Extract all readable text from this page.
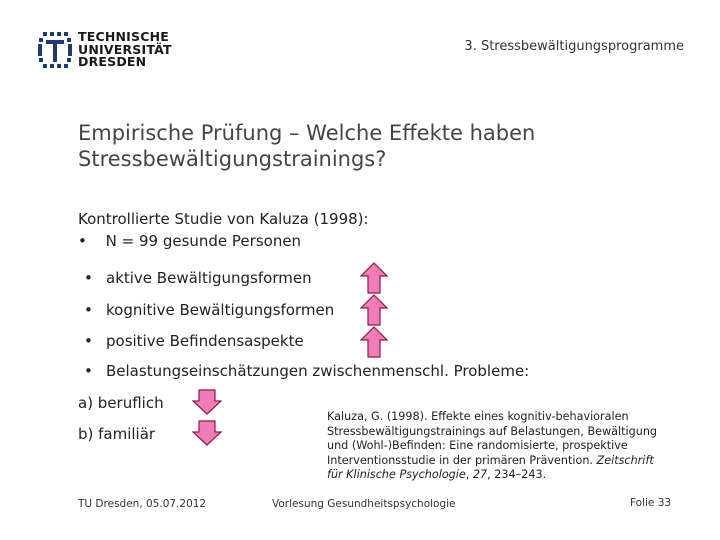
TECHNISCHE
UNIVERSITÄT
DRESDEN
3. Stressbewältigungsprogramme
Empirische Prüfung – Welche Effekte haben
Stressbewältigungstrainings?
Kontrollierte Studie von Kaluza (1998):
• N = 99 gesunde Personen
• aktive Bewältigungsformen
• kognitive Bewältigungsformen
• positive Befindensaspekte
• Belastungseinschätzungen zwischenmenschl. Probleme:
a) beruflich
b) familiär
Kaluza, G. (1998). Effekte eines kognitiv-behavioralen
Stressbewältigungstrainings auf Belastungen, Bewältigung
und (Wohl-)Befinden: Eine randomisierte, prospektive
Interventionsstudie in der primären Prävention. Zeitschrift
für Klinische Psychologie, 27, 234–243.
TU Dresden, 05.07.2012	Vorlesung Gesundheitspsychologie	Folie 33
